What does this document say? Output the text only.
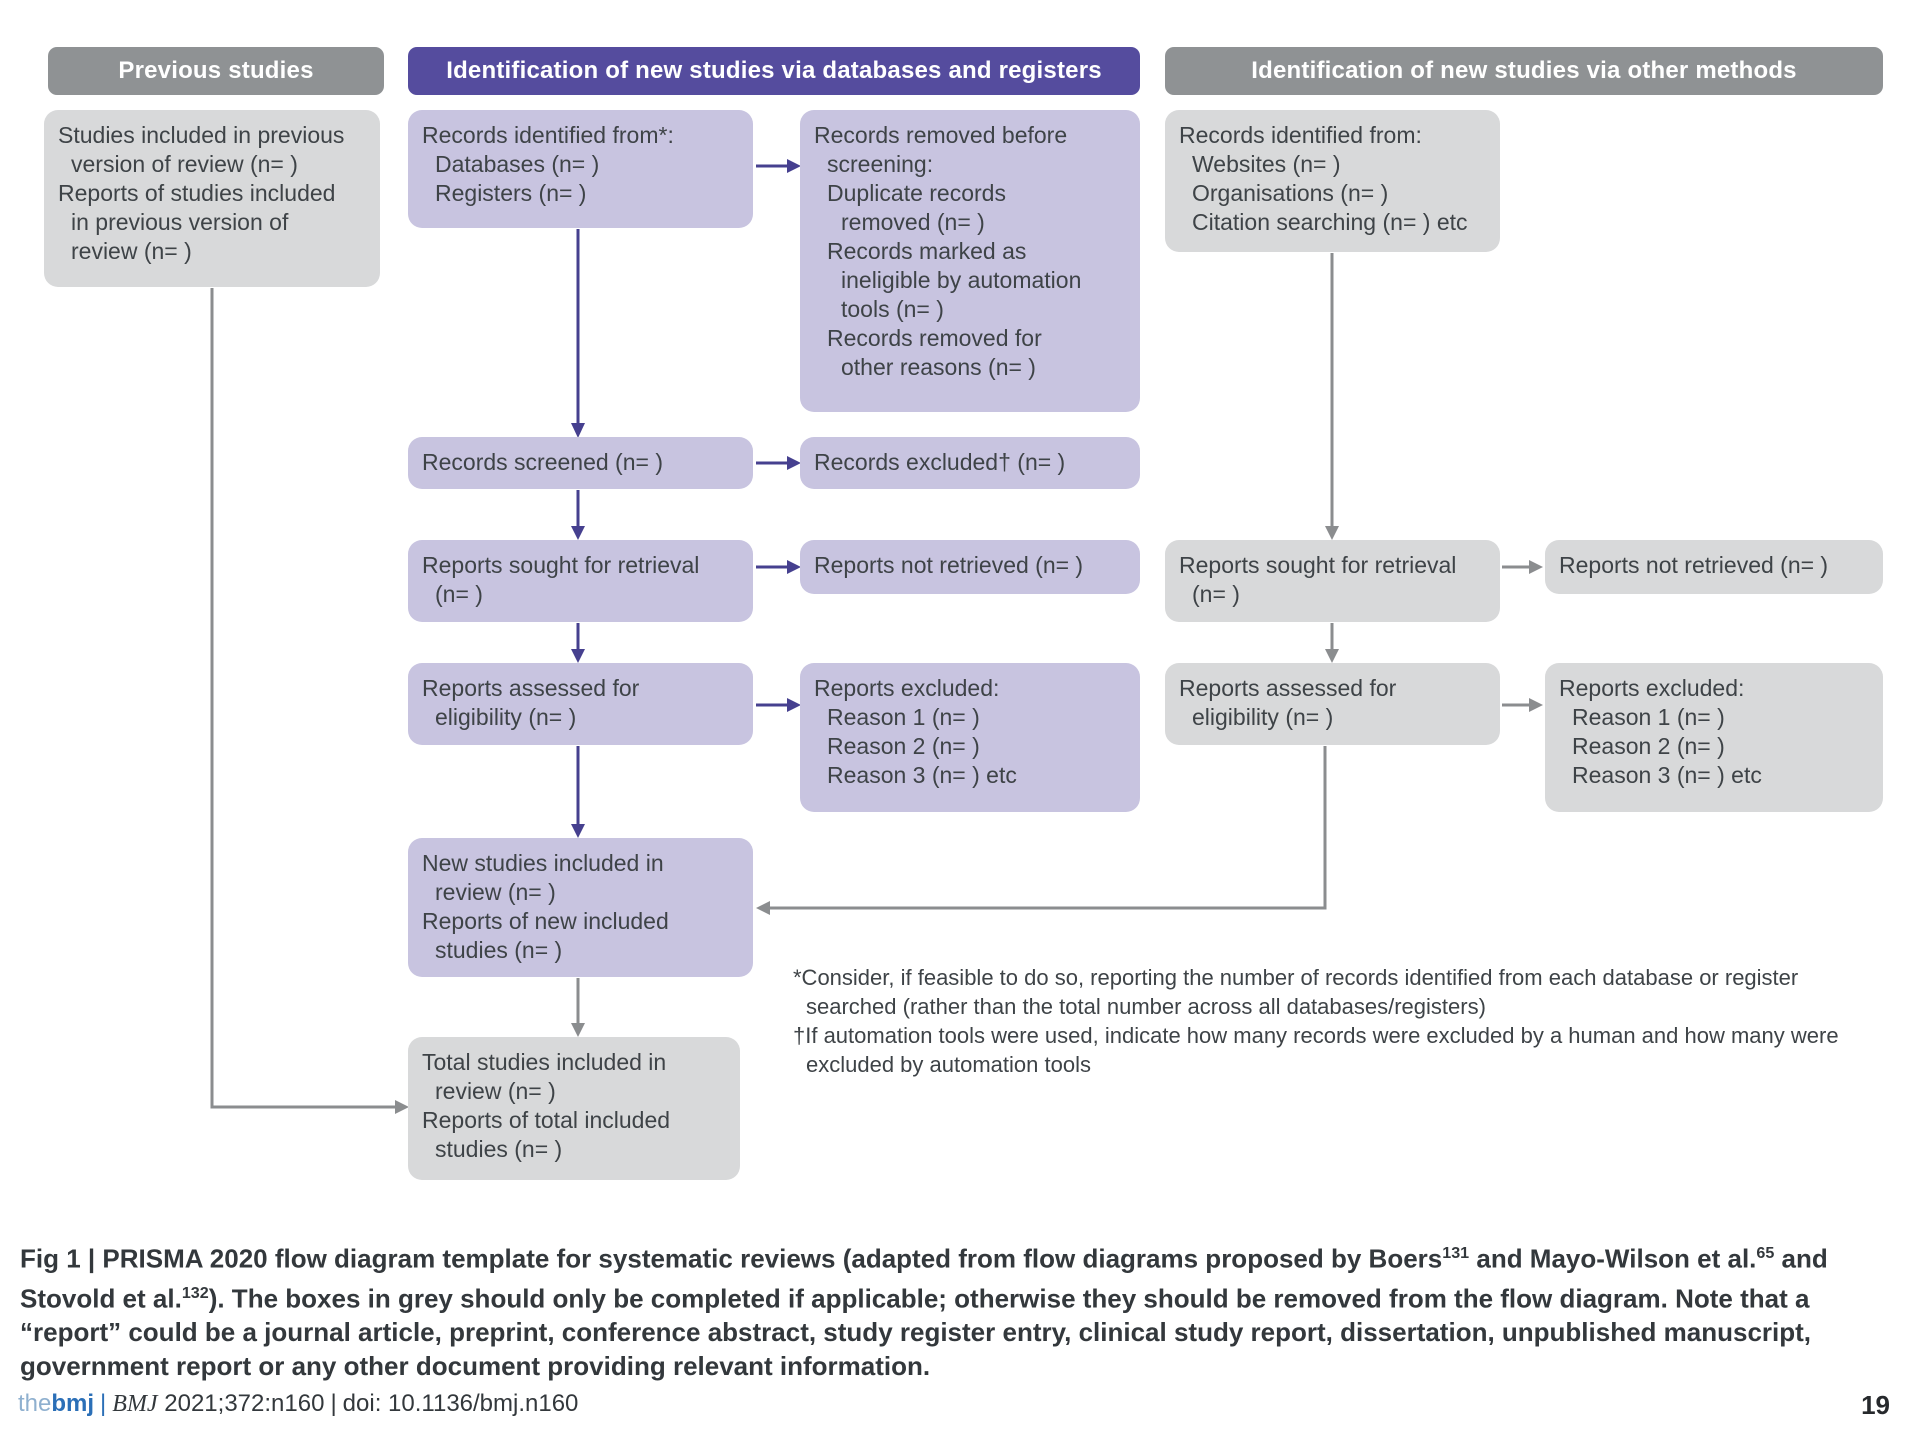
Previous studies	Identification of new studies via databases and registers	Identification of new studies via other methods
Studies included in previous
version of review (n= )
Reports of studies included
in previous version of
review (n= )
Records identified from*:
Databases (n= )
Registers (n= )
Records removed before
screening:
Duplicate records
removed (n= )
Records marked as
ineligible by automation
tools (n= )
Records removed for
other reasons (n= )
Records identified from:
Websites (n= )
Organisations (n= )
Citation searching (n= ) etc
Records screened (n= )	Records excluded† (n= )
Reports sought for retrieval
(n= )
Reports not retrieved (n= )	Reports sought for retrieval
(n= )
Reports not retrieved (n= )
Reports assessed for
eligibility (n= )
Reports excluded:
Reason 1 (n= )
Reason 2 (n= )
Reason 3 (n= ) etc
Reports assessed for
eligibility (n= )
Reports excluded:
Reason 1 (n= )
Reason 2 (n= )
Reason 3 (n= ) etc
New studies included in
review (n= )
Reports of new included
studies (n= )
Total studies included in
review (n= )
Reports of total included
studies (n= )
*Consider, if feasible to do so, reporting the number of records identified from each database or register
searched (rather than the total number across all databases/registers)
†If automation tools were used, indicate how many records were excluded by a human and how many were
excluded by automation tools
Fig 1 | PRISMA 2020 flow diagram template for systematic reviews (adapted from flow diagrams proposed by Boers$^{131}$ and Mayo-Wilson et al.$^{65}$ and Stovold et al.$^{132}$). The boxes in grey should only be completed if applicable; otherwise they should be removed from the flow diagram. Note that a “report” could be a journal article, preprint, conference abstract, study register entry, clinical study report, dissertation, unpublished manuscript, government report or any other document providing relevant information.
thebmj | BMJ 2021;372:n160 | doi: 10.1136/bmj.n160	19
